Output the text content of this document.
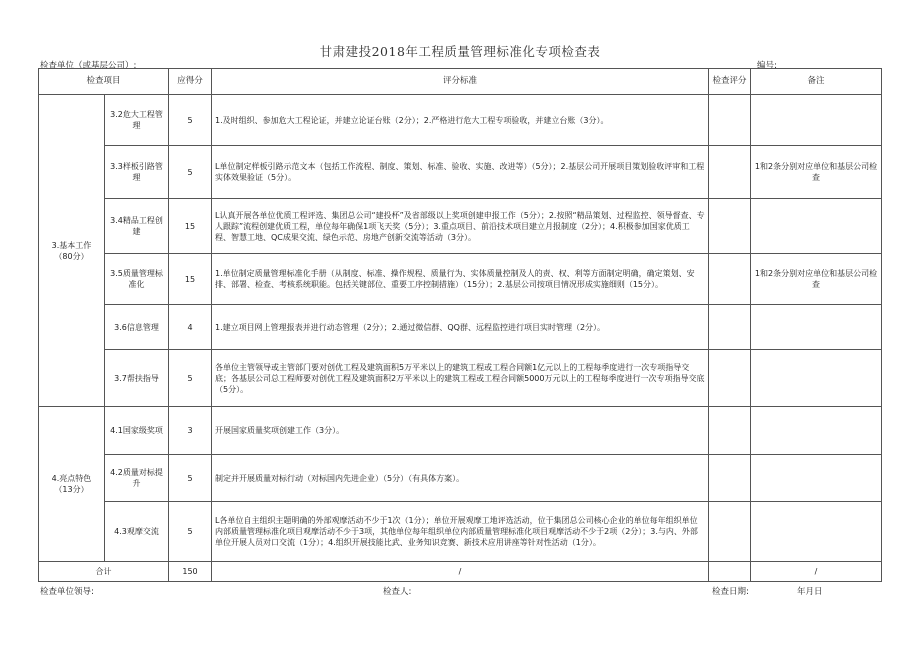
甘肃建投2018年工程质量管理标准化专项检查表
检查单位（或基层公司）:	编号:
检查项目		应得分	评分标准	检查评分	备注
3.基本工作
（80分）	3.2危大工程管理	5	1.及时组织、参加危大工程论证，并建立论证台账（2分）；2.严格进行危大工程专项验收，并建立台账（3分）。		
	3.3样板引路管理	5	L单位制定样板引路示范文本（包括工作流程、制度、策划、标准、验收、实施、改进等）（5分）；2.基层公司开展项目策划验收评审和工程实体效果验证（5分）。		1和2条分别对应单位和基层公司检查
	3.4精品工程创建	15	L认真开展各单位优质工程评选、集团总公司“建投杯”及省部级以上奖项创建申报工作（5分）；2.按照“精品策划、过程监控、领导督查、专人跟踪”流程创建优质工程，单位每年确保1项飞天奖（5分）；3.重点项目、前沿技术项目建立月报制度（2分）；4.积极参加国家优质工程、智慧工地、QC成果交流、绿色示范、房地产创新交流等活动（3分）。		
	3.5质量管理标准化	15	1.单位制定质量管理标准化手册（从制度、标准、操作规程、质量行为、实体质量控制及人的责、权、利等方面制定明确，确定策划、安排、部署、检查、考核系统职能。包括关键部位、重要工序控制措施）（15分）；2.基层公司按项目情况形成实施细则（15分）。		1和2条分别对应单位和基层公司检查
	3.6信息管理	4	1.建立项目网上管理报表并进行动态管理（2分）；2.通过微信群、QQ群、远程监控进行项目实时管理（2分）。		
	3.7帮扶指导	5	各单位主管领导或主管部门要对创优工程及建筑面积5万平米以上的建筑工程或工程合同额1亿元以上的工程每季度进行一次专项指导交底；各基层公司总工程师要对创优工程及建筑面积2万平米以上的建筑工程或工程合同额5000万元以上的工程每季度进行一次专项指导交底（5分）。		
4.亮点特色
（13分）	4.1国家级奖项	3	开展国家质量奖项创建工作（3分）。		
	4.2质量对标提升	5	制定并开展质量对标行动（对标国内先进企业）（5分）（有具体方案）。		
	4.3观摩交流	5	L各单位自主组织主题明确的外部观摩活动不少于1次（1分）；单位开展观摩工地评选活动，位于集团总公司核心企业的单位每年组织单位内部质量管理标准化项目观摩活动不少于3项，其他单位每年组织单位内部质量管理标准化项目观摩活动不少于2项（2分）；3.与内、外部单位开展人员对口交流（1分）；4.组织开展技能比武、业务知识竞赛、新技术应用讲座等针对性活动（1分）。		
合计		150	/		/
检查单位领导:	检查人:	检查日期:	年月日
